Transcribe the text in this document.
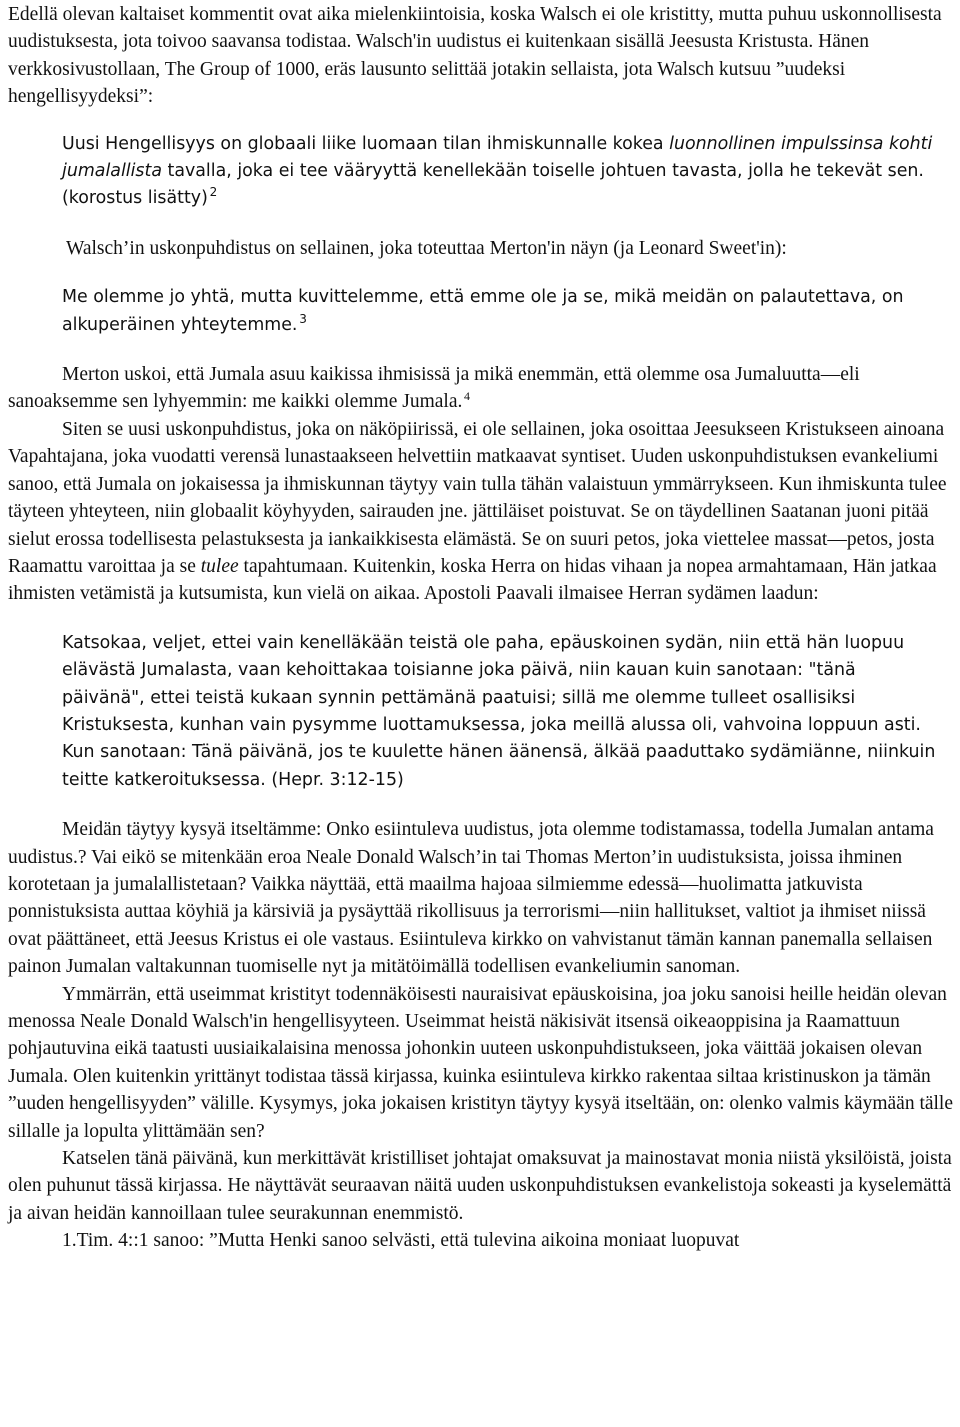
Edellä olevan kaltaiset kommentit ovat aika mielenkiintoisia, koska Walsch ei ole kristitty, mutta puhuu uskonnollisesta uudistuksesta, jota toivoo saavansa todistaa. Walsch'in uudistus ei kuitenkaan sisällä Jeesusta Kristusta. Hänen verkkosivustollaan, The Group of 1000, eräs lausunto selittää jotakin sellaista, jota Walsch kutsuu ”uudeksi hengellisyydeksi”:

Uusi Hengellisyys on globaali liike luomaan tilan ihmiskunnalle kokea luonnollinen impulssinsa kohti jumalallista tavalla, joka ei tee vääryyttä kenellekään toiselle johtuen tavasta, jolla he tekevät sen. (korostus lisätty)  $^2$

Walsch’in uskonpuhdistus on sellainen, joka toteuttaa Merton'in näyn (ja Leonard Sweet'in):

Me olemme jo yhtä, mutta kuvittelemme, että emme ole ja se, mikä meidän on palautettava, on alkuperäinen yhteytemme.  $^3$

Merton uskoi, että Jumala asuu kaikissa ihmisissä ja mikä enemmän, että olemme osa Jumaluutta—eli sanoaksemme sen lyhyemmin: me kaikki olemme Jumala.  $^4$

Siten se uusi uskonpuhdistus, joka on näköpiirissä, ei ole sellainen, joka osoittaa Jeesukseen Kristukseen ainoana Vapahtajana, joka vuodatti verensä lunastaakseen helvettiin matkaavat syntiset. Uuden uskonpuhdistuksen evankeliumi sanoo, että Jumala on jokaisessa ja ihmiskunnan täytyy vain tulla tähän valaistuun ymmärrykseen. Kun ihmiskunta tulee täyteen yhteyteen, niin globaalit köyhyyden, sairauden jne. jättiläiset poistuvat. Se on täydellinen Saatanan juoni pitää sielut erossa todellisesta pelastuksesta ja iankaikkisesta elämästä. Se on suuri petos, joka viettelee massat—petos, josta Raamattu varoittaa ja se tulee tapahtumaan. Kuitenkin, koska Herra on hidas vihaan ja nopea armahtamaan, Hän jatkaa ihmisten vetämistä ja kutsumista, kun vielä on aikaa. Apostoli Paavali ilmaisee Herran sydämen laadun:

Katsokaa, veljet, ettei vain kenelläkään teistä ole paha, epäuskoinen sydän, niin että hän luopuu elävästä Jumalasta, vaan kehoittakaa toisianne joka päivä, niin kauan kuin sanotaan: "tänä päivänä", ettei teistä kukaan synnin pettämänä paatuisi; sillä me olemme tulleet osallisiksi Kristuksesta, kunhan vain pysymme luottamuksessa, joka meillä alussa oli, vahvoina loppuun asti. Kun sanotaan: Tänä päivänä, jos te kuulette hänen äänensä, älkää paaduttako sydämiänne, niinkuin teitte katkeroituksessa. (Hepr. 3:12-15)

Meidän täytyy kysyä itseltämme: Onko esiintuleva uudistus, jota olemme todistamassa, todella Jumalan antama uudistus.? Vai eikö se mitenkään eroa Neale Donald Walsch’in tai Thomas Merton’in uudistuksista, joissa ihminen korotetaan ja jumalallistetaan? Vaikka näyttää, että maailma hajoaa silmiemme edessä—huolimatta jatkuvista ponnistuksista auttaa köyhiä ja kärsiviä ja pysäyttää rikollisuus ja terrorismi—niin hallitukset, valtiot ja ihmiset niissä ovat päättäneet, että Jeesus Kristus ei ole vastaus. Esiintuleva kirkko on vahvistanut tämän kannan panemalla sellaisen painon Jumalan valtakunnan tuomiselle nyt ja mitätöimällä todellisen evankeliumin sanoman.

Ymmärrän, että useimmat kristityt todennäköisesti nauraisivat epäuskoisina, joa joku sanoisi heille heidän olevan menossa Neale Donald Walsch'in hengellisyyteen. Useimmat heistä näkisivät itsensä oikeaoppisina ja Raamattuun pohjautuvina eikä taatusti uusiaikalaisina menossa johonkin uuteen uskonpuhdistukseen, joka väittää jokaisen olevan Jumala. Olen kuitenkin yrittänyt todistaa tässä kirjassa, kuinka esiintuleva kirkko rakentaa siltaa kristinuskon ja tämän ”uuden hengellisyyden” välille. Kysymys, joka jokaisen kristityn täytyy kysyä itseltään, on: olenko valmis käymään tälle sillalle ja lopulta ylittämään sen?

Katselen tänä päivänä, kun merkittävät kristilliset johtajat omaksuvat ja mainostavat monia niistä yksilöistä, joista olen puhunut tässä kirjassa. He näyttävät seuraavan näitä uuden uskonpuhdistuksen evankelistoja sokeasti ja kyselemättä ja aivan heidän kannoillaan tulee seurakunnan enemmistö.

1.Tim. 4::1 sanoo: ”Mutta Henki sanoo selvästi, että tulevina aikoina moniaat luopuvat
